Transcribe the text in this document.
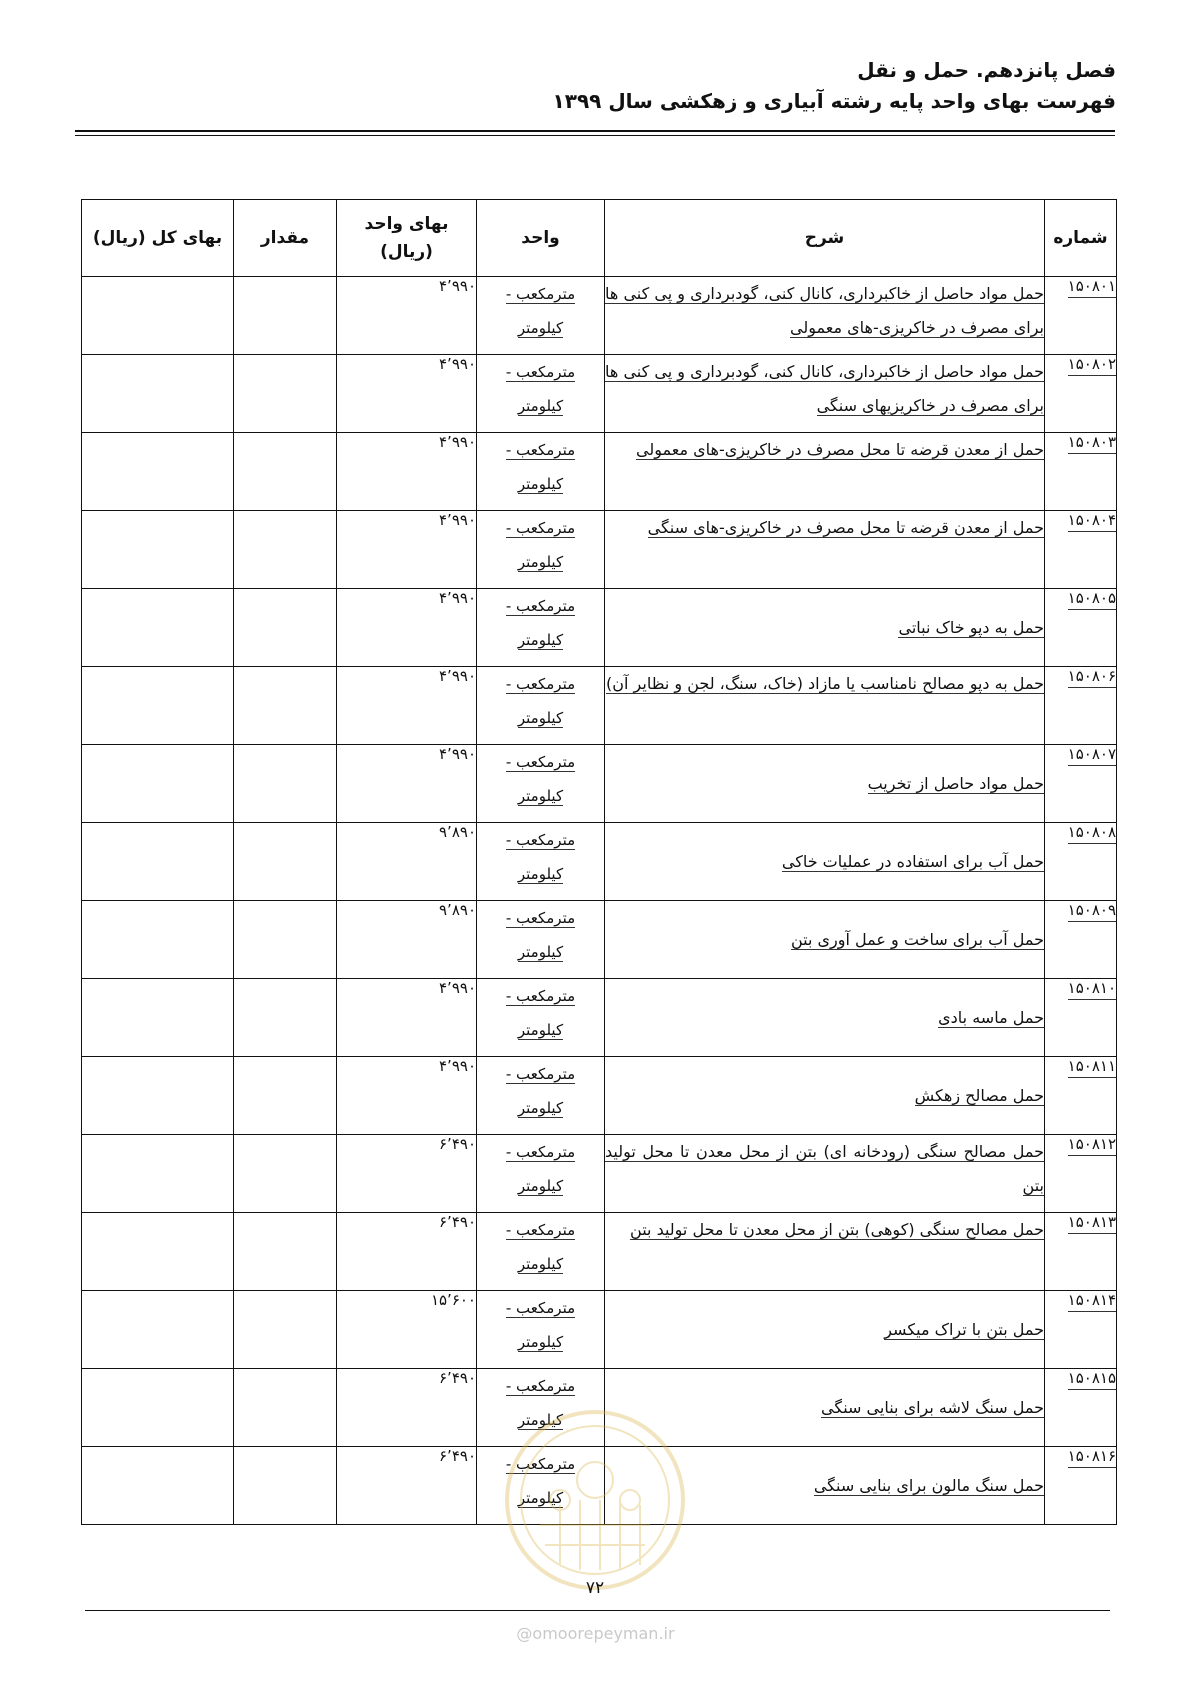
فصل پانزدهم. حمل و نقل
فهرست بهای واحد پایه رشته آبیاری و زهکشی سال ۱۳۹۹
شماره	شرح	واحد	بهای واحد
(ریال)	مقدار	بهای کل (ریال)
۱۵۰۸۰۱	حمل مواد حاصل از خاکبرداری، کانال کنی، گودبرداری و پی کنی ها برای مصرف در خاکریزی-های معمولی	مترمکعب -
کیلومتر	۴٬۹۹۰		
۱۵۰۸۰۲	حمل مواد حاصل از خاکبرداری، کانال کنی، گودبرداری و پی کنی ها برای مصرف در خاکریزیهای سنگی	مترمکعب -
کیلومتر	۴٬۹۹۰		
۱۵۰۸۰۳	حمل از معدن قرضه تا محل مصرف در خاکریزی-های معمولی	مترمکعب -
کیلومتر	۴٬۹۹۰		
۱۵۰۸۰۴	حمل از معدن قرضه تا محل مصرف در خاکریزی-های سنگی	مترمکعب -
کیلومتر	۴٬۹۹۰		
۱۵۰۸۰۵	حمل به دپو خاک نباتی	مترمکعب -
کیلومتر	۴٬۹۹۰		
۱۵۰۸۰۶	حمل به دپو مصالح نامناسب یا مازاد (خاک، سنگ، لجن و نظایر آن)	مترمکعب -
کیلومتر	۴٬۹۹۰		
۱۵۰۸۰۷	حمل مواد حاصل از تخریب	مترمکعب -
کیلومتر	۴٬۹۹۰		
۱۵۰۸۰۸	حمل آب برای استفاده در عملیات خاکی	مترمکعب -
کیلومتر	۹٬۸۹۰		
۱۵۰۸۰۹	حمل آب برای ساخت و عمل آوری بتن	مترمکعب -
کیلومتر	۹٬۸۹۰		
۱۵۰۸۱۰	حمل ماسه بادی	مترمکعب -
کیلومتر	۴٬۹۹۰		
۱۵۰۸۱۱	حمل مصالح زهکش	مترمکعب -
کیلومتر	۴٬۹۹۰		
۱۵۰۸۱۲	حمل مصالح سنگی (رودخانه ای) بتن از محل معدن تا محل تولید بتن	مترمکعب -
کیلومتر	۶٬۴۹۰		
۱۵۰۸۱۳	حمل مصالح سنگی (کوهی) بتن از محل معدن تا محل تولید بتن	مترمکعب -
کیلومتر	۶٬۴۹۰		
۱۵۰۸۱۴	حمل بتن با تراک میکسر	مترمکعب -
کیلومتر	۱۵٬۶۰۰		
۱۵۰۸۱۵	حمل سنگ لاشه برای بنایی سنگی	مترمکعب -
کیلومتر	۶٬۴۹۰		
۱۵۰۸۱۶	حمل سنگ مالون برای بنایی سنگی	مترمکعب -
کیلومتر	۶٬۴۹۰		
۷۲
@omoorepeyman.ir
